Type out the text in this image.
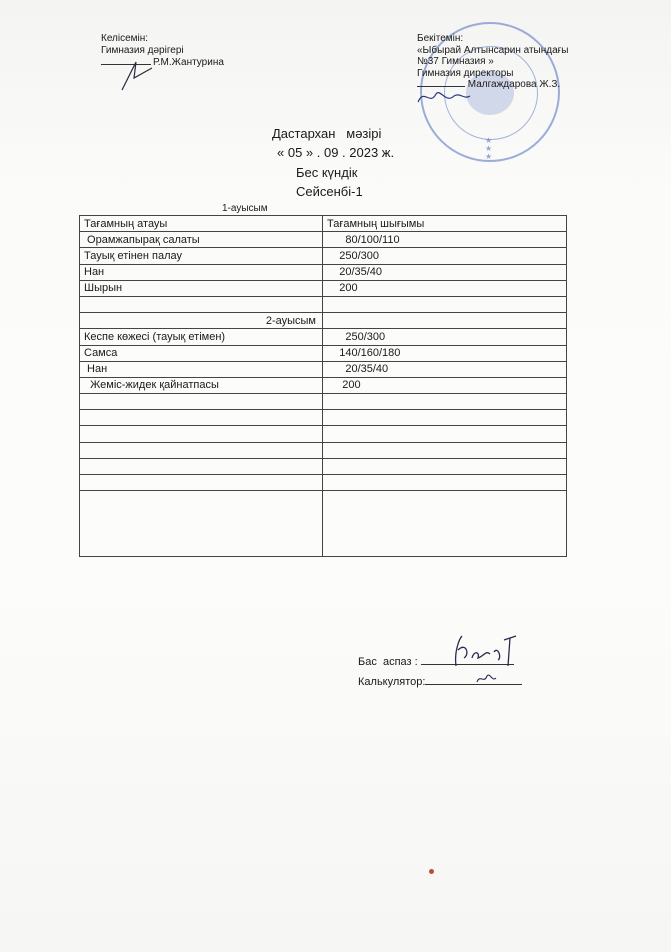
Келісемін:
Гимназия дәрігері
Р.М.Жантурина
★
★
★
Бекітемін:
«Ыбырай Алтынсарин атындағы
№37 Гимназия »
Гимназия директоры
Малгаждарова Ж.З.
Дастархан   мәзірі
« 05 » . 09 . 2023 ж.
Бес күндік
Сейсенбі-1
1-ауысым
Тағамның атауы	Тағамның шығымы
Орамжапырақ салаты	80/100/110
Тауық етінен палау	250/300
Нан	20/35/40
Шырын	200

2-ауысым	
Кеспе көжесі (тауық етімен)	250/300
Самса	140/160/180
Нан	20/35/40
Жеміс-жидек қайнатпасы	200

Бас  аспаз :
Калькулятор:
